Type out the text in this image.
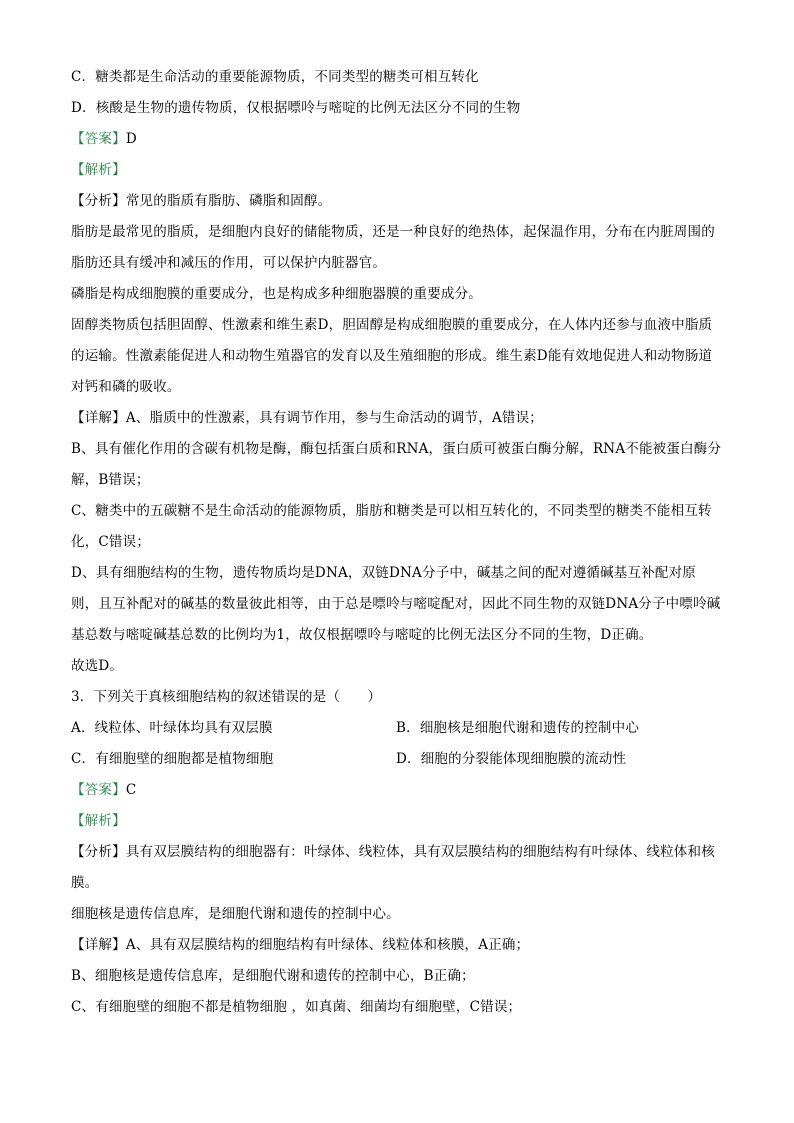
C．糖类都是生命活动的重要能源物质，不同类型的糖类可相互转化
D．核酸是生物的遗传物质，仅根据嘌呤与嘧啶的比例无法区分不同的生物
【答案】D
【解析】
【分析】常见的脂质有脂肪、磷脂和固醇。
脂肪是最常见的脂质，是细胞内良好的储能物质，还是一种良好的绝热体，起保温作用，分布在内脏周围的脂肪还具有缓冲和减压的作用，可以保护内脏器官。
磷脂是构成细胞膜的重要成分，也是构成多种细胞器膜的重要成分。
固醇类物质包括胆固醇、性激素和维生素D，胆固醇是构成细胞膜的重要成分，在人体内还参与血液中脂质的运输。性激素能促进人和动物生殖器官的发育以及生殖细胞的形成。维生素D能有效地促进人和动物肠道对钙和磷的吸收。
【详解】A、脂质中的性激素，具有调节作用，参与生命活动的调节，A错误；
B、具有催化作用的含碳有机物是酶，酶包括蛋白质和RNA，蛋白质可被蛋白酶分解，RNA不能被蛋白酶分解，B错误；
C、糖类中的五碳糖不是生命活动的能源物质，脂肪和糖类是可以相互转化的，不同类型的糖类不能相互转化，C错误；
D、具有细胞结构的生物，遗传物质均是DNA，双链DNA分子中，碱基之间的配对遵循碱基互补配对原则，且互补配对的碱基的数量彼此相等，由于总是嘌呤与嘧啶配对，因此不同生物的双链DNA分子中嘌呤碱基总数与嘧啶碱基总数的比例均为1，故仅根据嘌呤与嘧啶的比例无法区分不同的生物，D正确。
故选D。
3．下列关于真核细胞结构的叙述错误的是（　　）
A．线粒体、叶绿体均具有双层膜	B．细胞核是细胞代谢和遗传的控制中心
C．有细胞壁的细胞都是植物细胞	D．细胞的分裂能体现细胞膜的流动性
【答案】C
【解析】
【分析】具有双层膜结构的细胞器有：叶绿体、线粒体，具有双层膜结构的细胞结构有叶绿体、线粒体和核膜。
细胞核是遗传信息库，是细胞代谢和遗传的控制中心。
【详解】A、具有双层膜结构的细胞结构有叶绿体、线粒体和核膜，A正确；
B、细胞核是遗传信息库，是细胞代谢和遗传的控制中心，B正确；
C、有细胞壁的细胞不都是植物细胞 ，如真菌、细菌均有细胞壁，C错误；
